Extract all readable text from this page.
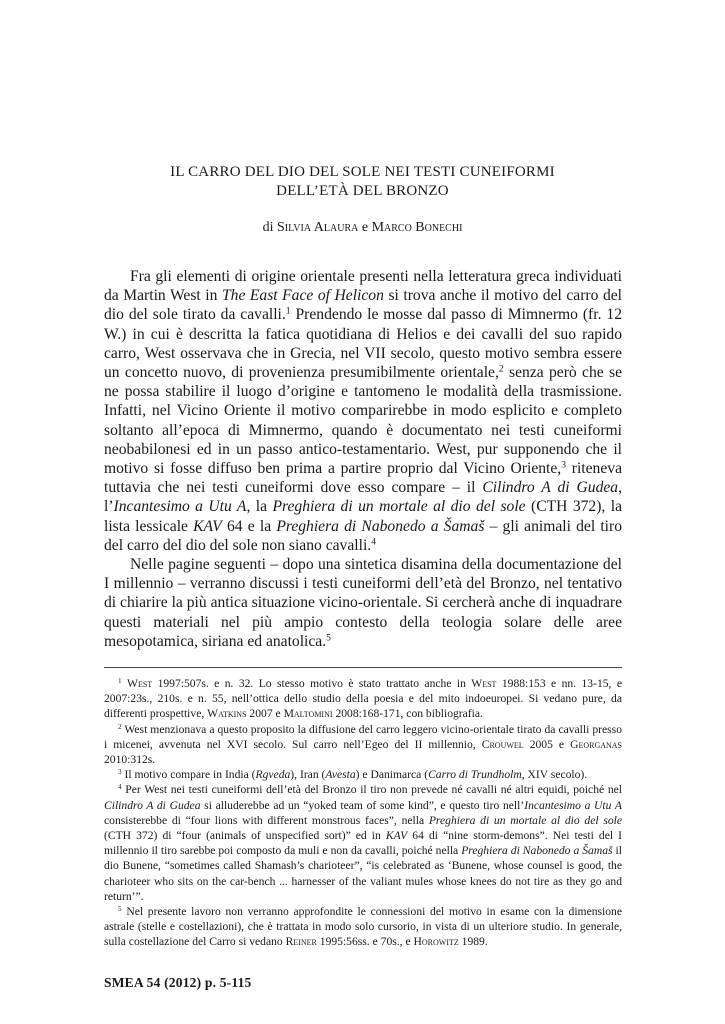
IL CARRO DEL DIO DEL SOLE NEI TESTI CUNEIFORMI
DELL’ETÀ DEL BRONZO
di Silvia Alaura e Marco Bonechi

Fra gli elementi di origine orientale presenti nella letteratura greca individuati da Martin West in The East Face of Helicon si trova anche il motivo del carro del dio del sole tirato da cavalli.$^1$ Prendendo le mosse dal passo di Mimnermo (fr. 12 W.) in cui è descritta la fatica quotidiana di Helios e dei cavalli del suo rapido carro, West osservava che in Grecia, nel VII secolo, questo motivo sembra essere un concetto nuovo, di provenienza presumibilmente orientale,$^2$ senza però che se ne possa stabilire il luogo d’origine e tantomeno le modalità della trasmissione. Infatti, nel Vicino Oriente il motivo comparirebbe in modo esplicito e completo soltanto all’epoca di Mimnermo, quando è documentato nei testi cuneiformi neobabilonesi ed in un passo antico-testamentario. West, pur supponendo che il motivo si fosse diffuso ben prima a partire proprio dal Vicino Oriente,$^3$ riteneva tuttavia che nei testi cuneiformi dove esso compare – il Cilindro A di Gudea, l’Incantesimo a Utu A, la Preghiera di un mortale al dio del sole (CTH 372), la lista lessicale KAV 64 e la Preghiera di Nabonedo a Šamaš – gli animali del tiro del carro del dio del sole non siano cavalli.$^4$

Nelle pagine seguenti – dopo una sintetica disamina della documentazione del I millennio – verranno discussi i testi cuneiformi dell’età del Bronzo, nel tentativo di chiarire la più antica situazione vicino-orientale. Si cercherà anche di inquadrare questi materiali nel più ampio contesto della teologia solare delle aree mesopotamica, siriana ed anatolica.$^5$

$^1$ West 1997:507s. e n. 32. Lo stesso motivo è stato trattato anche in West 1988:153 e nn. 13-15, e 2007:23s., 210s. e n. 55, nell’ottica dello studio della poesia e del mito indoeuropei. Si vedano pure, da differenti prospettive, Watkins 2007 e Maltomini 2008:168-171, con bibliografia.

$^2$ West menzionava a questo proposito la diffusione del carro leggero vicino-orientale tirato da cavalli presso i micenei, avvenuta nel XVI secolo. Sul carro nell’Egeo del II millennio, Crouwel 2005 e Georganas 2010:312s.

$^3$ Il motivo compare in India (Rgveda), Iran (Avesta) e Danimarca (Carro di Trundholm, XIV secolo).

$^4$ Per West nei testi cuneiformi dell’età del Bronzo il tiro non prevede né cavalli né altri equidi, poiché nel Cilindro A di Gudea si alluderebbe ad un “yoked team of some kind”, e questo tiro nell’Incantesimo a Utu A consisterebbe di “four lions with different monstrous faces”, nella Preghiera di un mortale al dio del sole (CTH 372) di “four (animals of unspecified sort)” ed in KAV 64 di “nine storm-demons”. Nei testi del I millennio il tiro sarebbe poi composto da muli e non da cavalli, poiché nella Preghiera di Nabonedo a Šamaš il dio Bunene, “sometimes called Shamash’s charioteer”, “is celebrated as ‘Bunene, whose counsel is good, the charioteer who sits on the car-bench ... harnesser of the valiant mules whose knees do not tire as they go and return’”.

$^5$ Nel presente lavoro non verranno approfondite le connessioni del motivo in esame con la dimensione astrale (stelle e costellazioni), che è trattata in modo solo cursorio, in vista di un ulteriore studio. In generale, sulla costellazione del Carro si vedano Reiner 1995:56ss. e 70s., e Horowitz 1989.

SMEA 54 (2012) p. 5-115
